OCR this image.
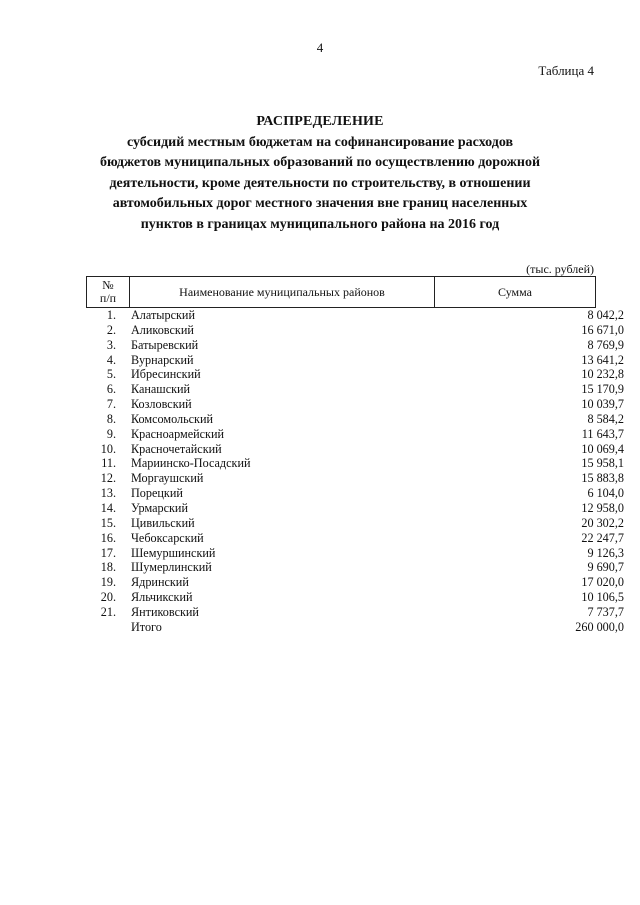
4
Таблица 4
РАСПРЕДЕЛЕНИЕ
субсидий местным бюджетам на софинансирование расходов
бюджетов муниципальных образований по осуществлению дорожной
деятельности, кроме деятельности по строительству, в отношении
автомобильных дорог местного значения вне границ населенных
пунктов в границах муниципального района на 2016 год
(тыс. рублей)
№
п/п	Наименование муниципальных районов	Сумма
1. Алатырский	8 042,2
2. Аликовский	16 671,0
3. Батыревский	8 769,9
4. Вурнарский	13 641,2
5. Ибресинский	10 232,8
6. Канашский	15 170,9
7. Козловский	10 039,7
8. Комсомольский	8 584,2
9. Красноармейский	11 643,7
10. Красночетайский	10 069,4
11. Мариинско-Посадский	15 958,1
12. Моргаушский	15 883,8
13. Порецкий	6 104,0
14. Урмарский	12 958,0
15. Цивильский	20 302,2
16. Чебоксарский	22 247,7
17. Шемуршинский	9 126,3
18. Шумерлинский	9 690,7
19. Ядринский	17 020,0
20. Яльчикский	10 106,5
21. Янтиковский	7 737,7
Итого	260 000,0
